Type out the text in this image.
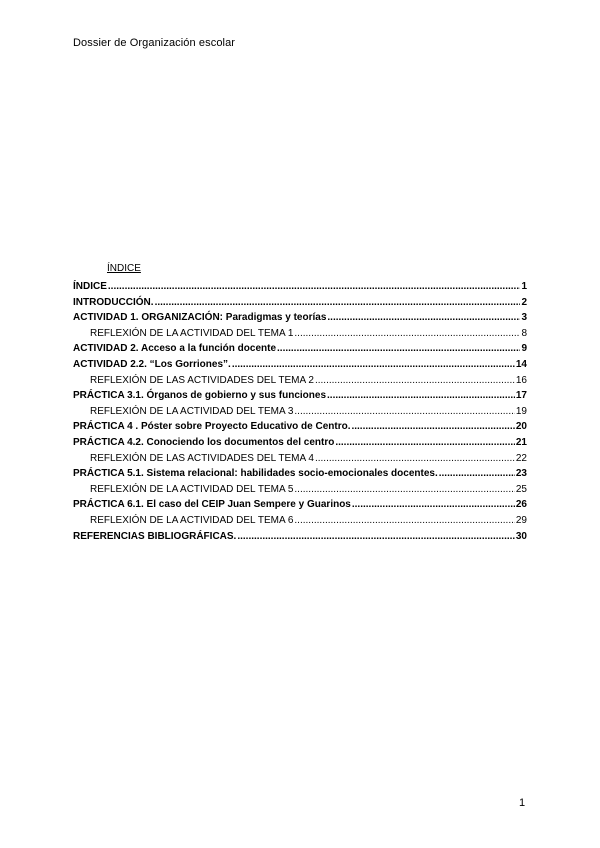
Dossier de Organización escolar
ÍNDICE
ÍNDICE .....	1
INTRODUCCIÓN. .....	2
ACTIVIDAD 1. ORGANIZACIÓN: Paradigmas y teorías .....	3
REFLEXIÓN DE LA ACTIVIDAD DEL TEMA 1 .....	8
ACTIVIDAD 2. Acceso a la función docente .....	9
ACTIVIDAD 2.2. “Los Gorriones”. .....	14
REFLEXIÓN DE LAS ACTIVIDADES DEL TEMA 2 .....	16
PRÁCTICA 3.1. Órganos de gobierno y sus funciones .....	17
REFLEXIÓN DE LA ACTIVIDAD DEL TEMA 3 .....	19
PRÁCTICA 4 . Póster sobre Proyecto Educativo de Centro. .....	20
PRÁCTICA 4.2. Conociendo los documentos del centro .....	21
REFLEXIÓN DE LAS ACTIVIDADES DEL TEMA 4 .....	22
PRÁCTICA 5.1. Sistema relacional: habilidades socio-emocionales docentes. .....	23
REFLEXIÓN DE LA ACTIVIDAD DEL TEMA 5 .....	25
PRÁCTICA 6.1. El caso del CEIP Juan Sempere y Guarinos .....	26
REFLEXIÓN DE LA ACTIVIDAD DEL TEMA 6 .....	29
REFERENCIAS BIBLIOGRÁFICAS. .....	30
1
